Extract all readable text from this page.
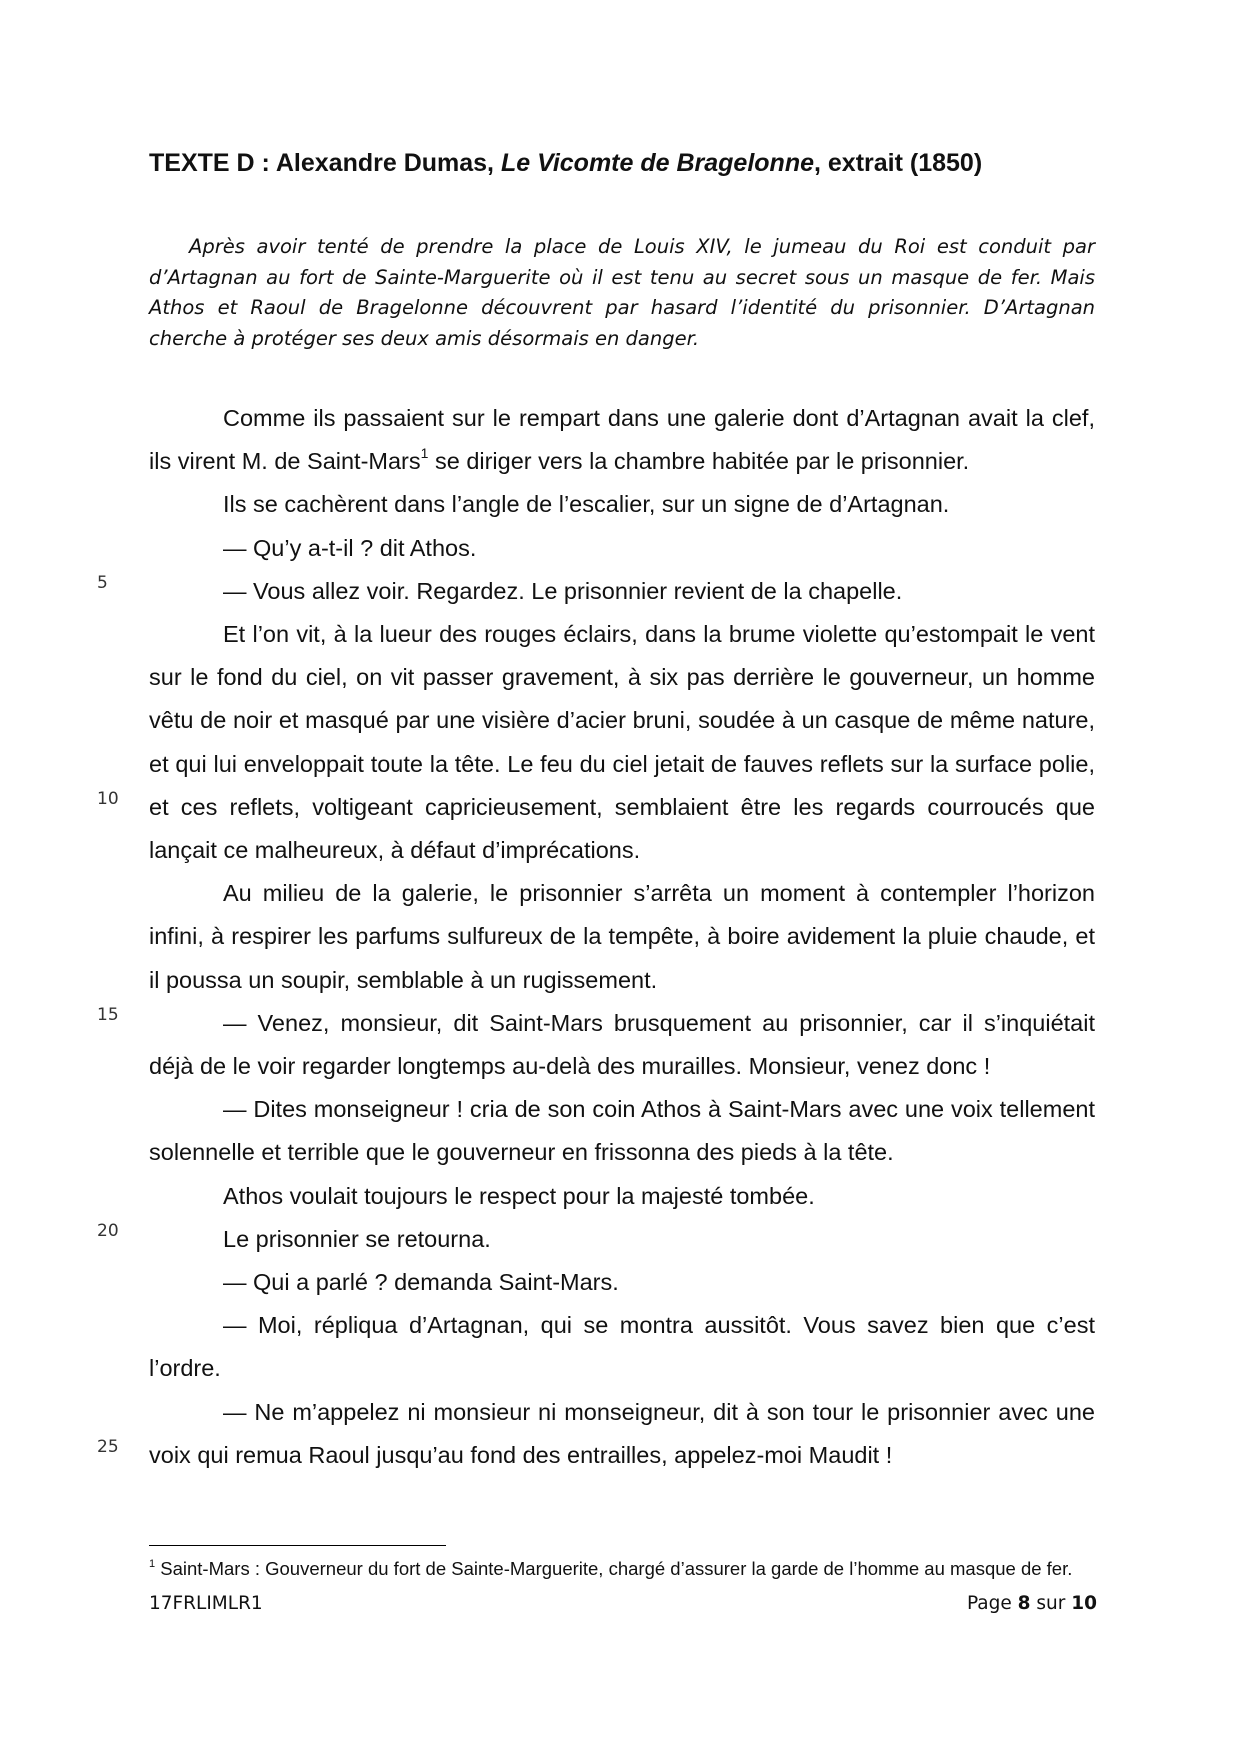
TEXTE D : Alexandre Dumas, Le Vicomte de Bragelonne, extrait (1850)
Après avoir tenté de prendre la place de Louis XIV, le jumeau du Roi est conduit par d’Artagnan au fort de Sainte-Marguerite où il est tenu au secret sous un masque de fer. Mais Athos et Raoul de Bragelonne découvrent par hasard l’identité du prisonnier. D’Artagnan cherche à protéger ses deux amis désormais en danger.

Comme ils passaient sur le rempart dans une galerie dont d’Artagnan avait la clef, ils virent M. de Saint-Mars$^1$ se diriger vers la chambre habitée par le prisonnier.

Ils se cachèrent dans l’angle de l’escalier, sur un signe de d’Artagnan.

— Qu’y a-t-il ? dit Athos.

— Vous allez voir. Regardez. Le prisonnier revient de la chapelle.

Et l’on vit, à la lueur des rouges éclairs, dans la brume violette qu’estompait le vent sur le fond du ciel, on vit passer gravement, à six pas derrière le gouverneur, un homme vêtu de noir et masqué par une visière d’acier bruni, soudée à un casque de même nature, et qui lui enveloppait toute la tête. Le feu du ciel jetait de fauves reflets sur la surface polie, et ces reflets, voltigeant capricieusement, semblaient être les regards courroucés que lançait ce malheureux, à défaut d’imprécations.

Au milieu de la galerie, le prisonnier s’arrêta un moment à contempler l’horizon infini, à respirer les parfums sulfureux de la tempête, à boire avidement la pluie chaude, et il poussa un soupir, semblable à un rugissement.

— Venez, monsieur, dit Saint-Mars brusquement au prisonnier, car il s’inquiétait déjà de le voir regarder longtemps au-delà des murailles. Monsieur, venez donc !

— Dites monseigneur ! cria de son coin Athos à Saint-Mars avec une voix tellement solennelle et terrible que le gouverneur en frissonna des pieds à la tête.

Athos voulait toujours le respect pour la majesté tombée.

Le prisonnier se retourna.

— Qui a parlé ? demanda Saint-Mars.

— Moi, répliqua d’Artagnan, qui se montra aussitôt. Vous savez bien que c’est l’ordre.

— Ne m’appelez ni monsieur ni monseigneur, dit à son tour le prisonnier avec une voix qui remua Raoul jusqu’au fond des entrailles, appelez-moi Maudit !

5
10
15
20
25
$^1$ Saint-Mars : Gouverneur du fort de Sainte-Marguerite, chargé d’assurer la garde de l’homme au masque de fer.
17FRLIMLR1	Page 8 sur 10
